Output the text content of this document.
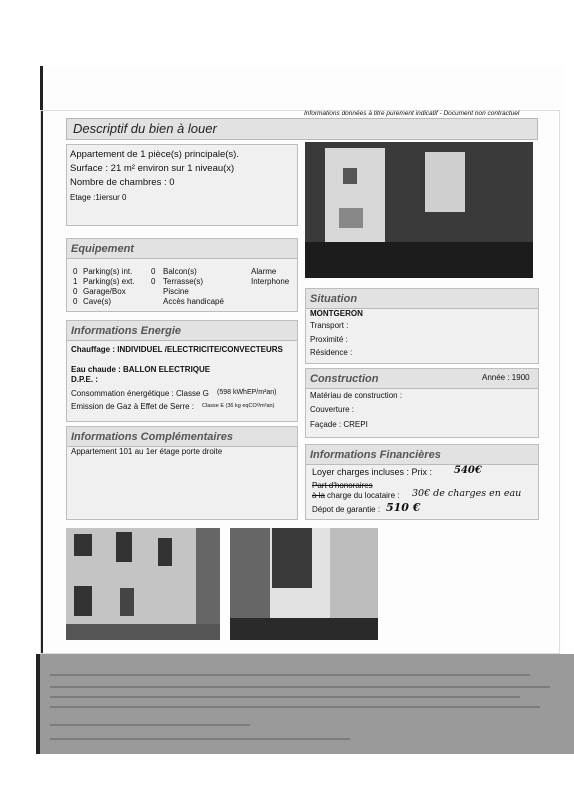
Informations données à titre purement indicatif - Document non contractuel
Descriptif du bien à louer
Appartement de 1 pièce(s) principale(s).
Surface : 21 m² environ sur 1 niveau(x)
Nombre de chambres : 0
Etage :1iersur 0
Equipement
0 Parking(s) int.
1 Parking(s) ext.
0 Garage/Box
0 Cave(s)
0 Balcon(s)
0 Terrasse(s)
Piscine
Accès handicapé
Alarme
Interphone
Situation
MONTGERON
Transport :
Proximité :
Résidence :
Informations Energie
Chauffage : INDIVIDUEL /ELECTRICITE/CONVECTEURS
Eau chaude : BALLON ELECTRIQUE
D.P.E. :
Consommation énergétique : Classe G (598 kWhEP/m²an)
Emission de Gaz à Effet de Serre : Classe E (36 kg eqCO²/m²an)
Construction	Année : 1900
Matériau de construction :
Couverture :
Façade : CREPI
Informations Complémentaires
Appartement 101 au 1er étage porte droite	Informations Financières
Loyer charges incluses : Prix : 540€
Part d'honoraires
à la charge du locataire : 30€ de charges en eau
Dépot de garantie : 510 €
